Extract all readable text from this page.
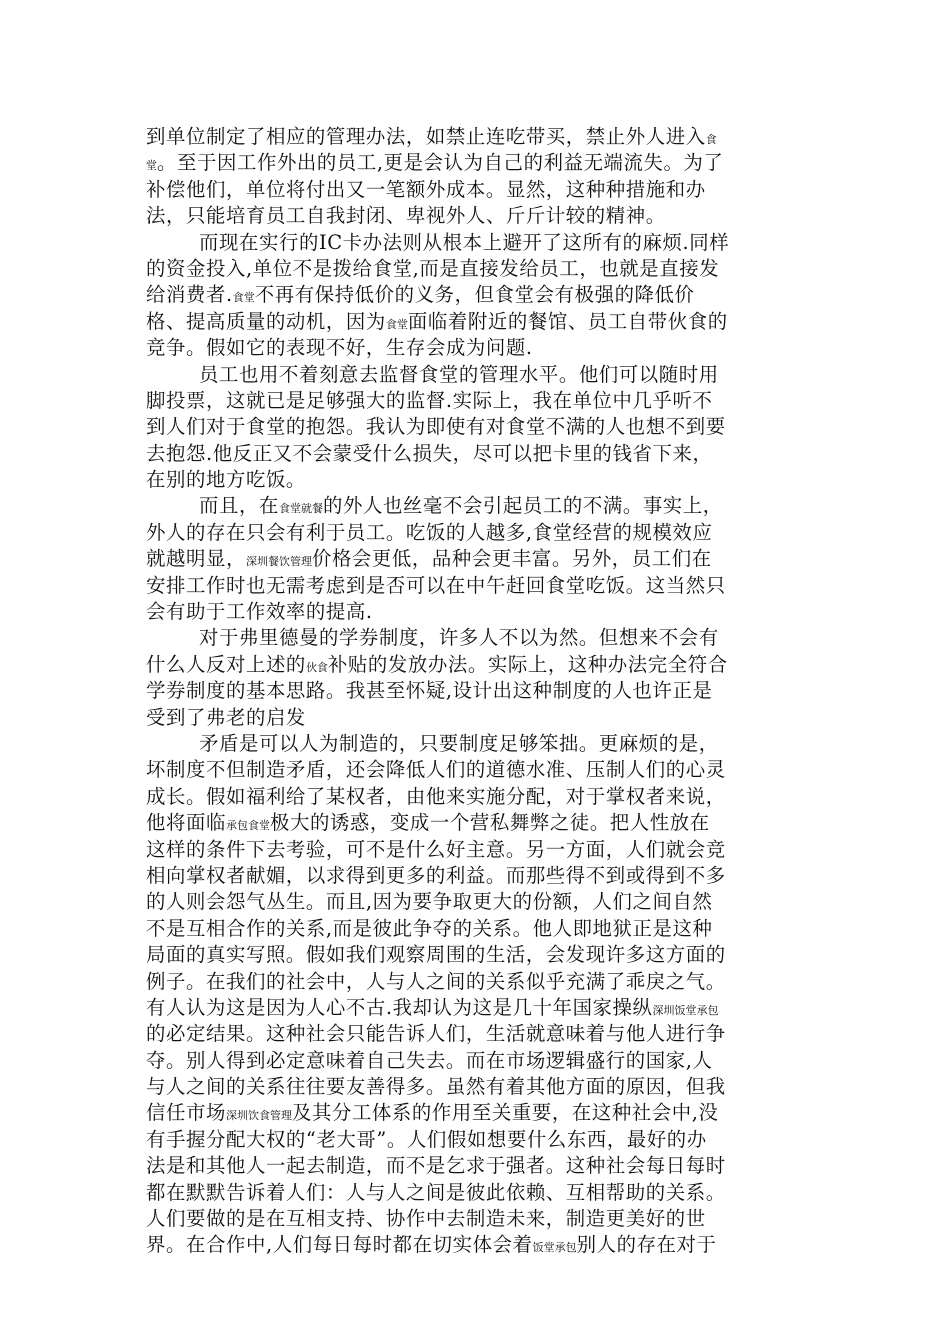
到单位制定了相应的管理办法，如禁止连吃带买，禁止外人进入食
堂。至于因工作外出的员工,更是会认为自己的利益无端流失。为了
补偿他们，单位将付出又一笔额外成本。显然，这种种措施和办
法，只能培育员工自我封闭、卑视外人、斤斤计较的精神。
而现在实行的IC卡办法则从根本上避开了这所有的麻烦.同样
的资金投入,单位不是拨给食堂,而是直接发给员工，也就是直接发
给消费者.食堂不再有保持低价的义务，但食堂会有极强的降低价
格、提高质量的动机，因为食堂面临着附近的餐馆、员工自带伙食的
竞争。假如它的表现不好，生存会成为问题.
员工也用不着刻意去监督食堂的管理水平。他们可以随时用
脚投票，这就已是足够强大的监督.实际上，我在单位中几乎听不
到人们对于食堂的抱怨。我认为即使有对食堂不满的人也想不到要
去抱怨.他反正又不会蒙受什么损失，尽可以把卡里的钱省下来，
在别的地方吃饭。
而且，在食堂就餐的外人也丝毫不会引起员工的不满。事实上，
外人的存在只会有利于员工。吃饭的人越多,食堂经营的规模效应
就越明显，深圳餐饮管理价格会更低，品种会更丰富。另外，员工们在
安排工作时也无需考虑到是否可以在中午赶回食堂吃饭。这当然只
会有助于工作效率的提高.
对于弗里德曼的学券制度，许多人不以为然。但想来不会有
什么人反对上述的伙食补贴的发放办法。实际上，这种办法完全符合
学券制度的基本思路。我甚至怀疑,设计出这种制度的人也许正是
受到了弗老的启发
矛盾是可以人为制造的，只要制度足够笨拙。更麻烦的是，
坏制度不但制造矛盾，还会降低人们的道德水准、压制人们的心灵
成长。假如福利给了某权者，由他来实施分配，对于掌权者来说，
他将面临承包食堂极大的诱惑，变成一个营私舞弊之徒。把人性放在
这样的条件下去考验，可不是什么好主意。另一方面，人们就会竞
相向掌权者献媚，以求得到更多的利益。而那些得不到或得到不多
的人则会怨气丛生。而且,因为要争取更大的份额，人们之间自然
不是互相合作的关系,而是彼此争夺的关系。他人即地狱正是这种
局面的真实写照。假如我们观察周围的生活，会发现许多这方面的
例子。在我们的社会中，人与人之间的关系似乎充满了乖戾之气。
有人认为这是因为人心不古.我却认为这是几十年国家操纵深圳饭堂承包
的必定结果。这种社会只能告诉人们，生活就意味着与他人进行争
夺。别人得到必定意味着自己失去。而在市场逻辑盛行的国家,人
与人之间的关系往往要友善得多。虽然有着其他方面的原因，但我
信任市场深圳饮食管理及其分工体系的作用至关重要，在这种社会中,没
有手握分配大权的“老大哥”。人们假如想要什么东西，最好的办
法是和其他人一起去制造，而不是乞求于强者。这种社会每日每时
都在默默告诉着人们：人与人之间是彼此依赖、互相帮助的关系。
人们要做的是在互相支持、协作中去制造未来，制造更美好的世
界。在合作中,人们每日每时都在切实体会着饭堂承包别人的存在对于
